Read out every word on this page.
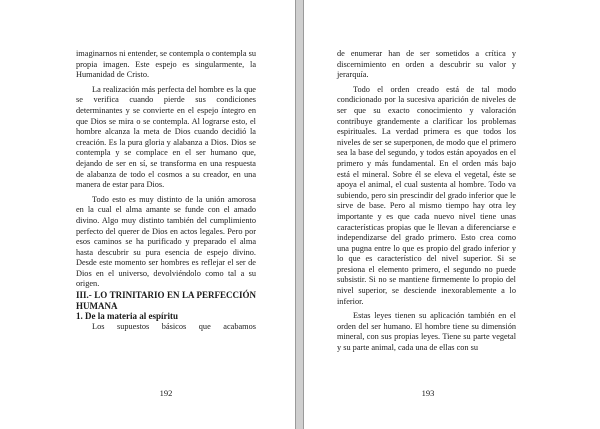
imaginarnos ni entender, se contempla o contempla su propia imagen. Este espejo es singularmente, la Humanidad de Cristo.

La realización más perfecta del hombre es la que se verifica cuando pierde sus condiciones determinantes y se convierte en el espejo íntegro en que Dios se mira o se contempla. Al lograrse esto, el hombre alcanza la meta de Dios cuando decidió la creación. Es la pura gloria y alabanza a Dios. Dios se contempla y se complace en el ser humano que, dejando de ser en sí, se transforma en una respuesta de alabanza de todo el cosmos a su creador, en una manera de estar para Dios.

Todo esto es muy distinto de la unión amorosa en la cual el alma amante se funde con el amado divino. Algo muy distinto también del cumplimiento perfecto del querer de Dios en actos legales. Pero por esos caminos se ha purificado y preparado el alma hasta descubrir su pura esencia de espejo divino. Desde este momento ser hombres es reflejar el ser de Dios en el universo, devolviéndolo como tal a su origen.

III.- LO TRINITARIO EN LA PERFECCIÓN HUMANA

1. De la materia al espíritu

Los supuestos básicos que acabamos

192

de enumerar han de ser sometidos a crítica y discernimiento en orden a descubrir su valor y jerarquía.

Todo el orden creado está de tal modo condicionado por la sucesiva aparición de niveles de ser que su exacto conocimiento y valoración contribuye grandemente a clarificar los problemas espirituales. La verdad primera es que todos los niveles de ser se superponen, de modo que el primero sea la base del segundo, y todos están apoyados en el primero y más fundamental. En el orden más bajo está el mineral. Sobre él se eleva el vegetal, éste se apoya el animal, el cual sustenta al hombre. Todo va subiendo, pero sin prescindir del grado inferior que le sirve de base. Pero al mismo tiempo hay otra ley importante y es que cada nuevo nivel tiene unas características propias que le llevan a diferenciarse e independizarse del grado primero. Esto crea como una pugna entre lo que es propio del grado inferior y lo que es característico del nivel superior. Si se presiona el elemento primero, el segundo no puede subsistir. Si no se mantiene firmemente lo propio del nivel superior, se desciende inexorablemente a lo inferior.

Estas leyes tienen su aplicación también en el orden del ser humano. El hombre tiene su dimensión mineral, con sus propias leyes. Tiene su parte vegetal y su parte animal, cada una de ellas con su

193
